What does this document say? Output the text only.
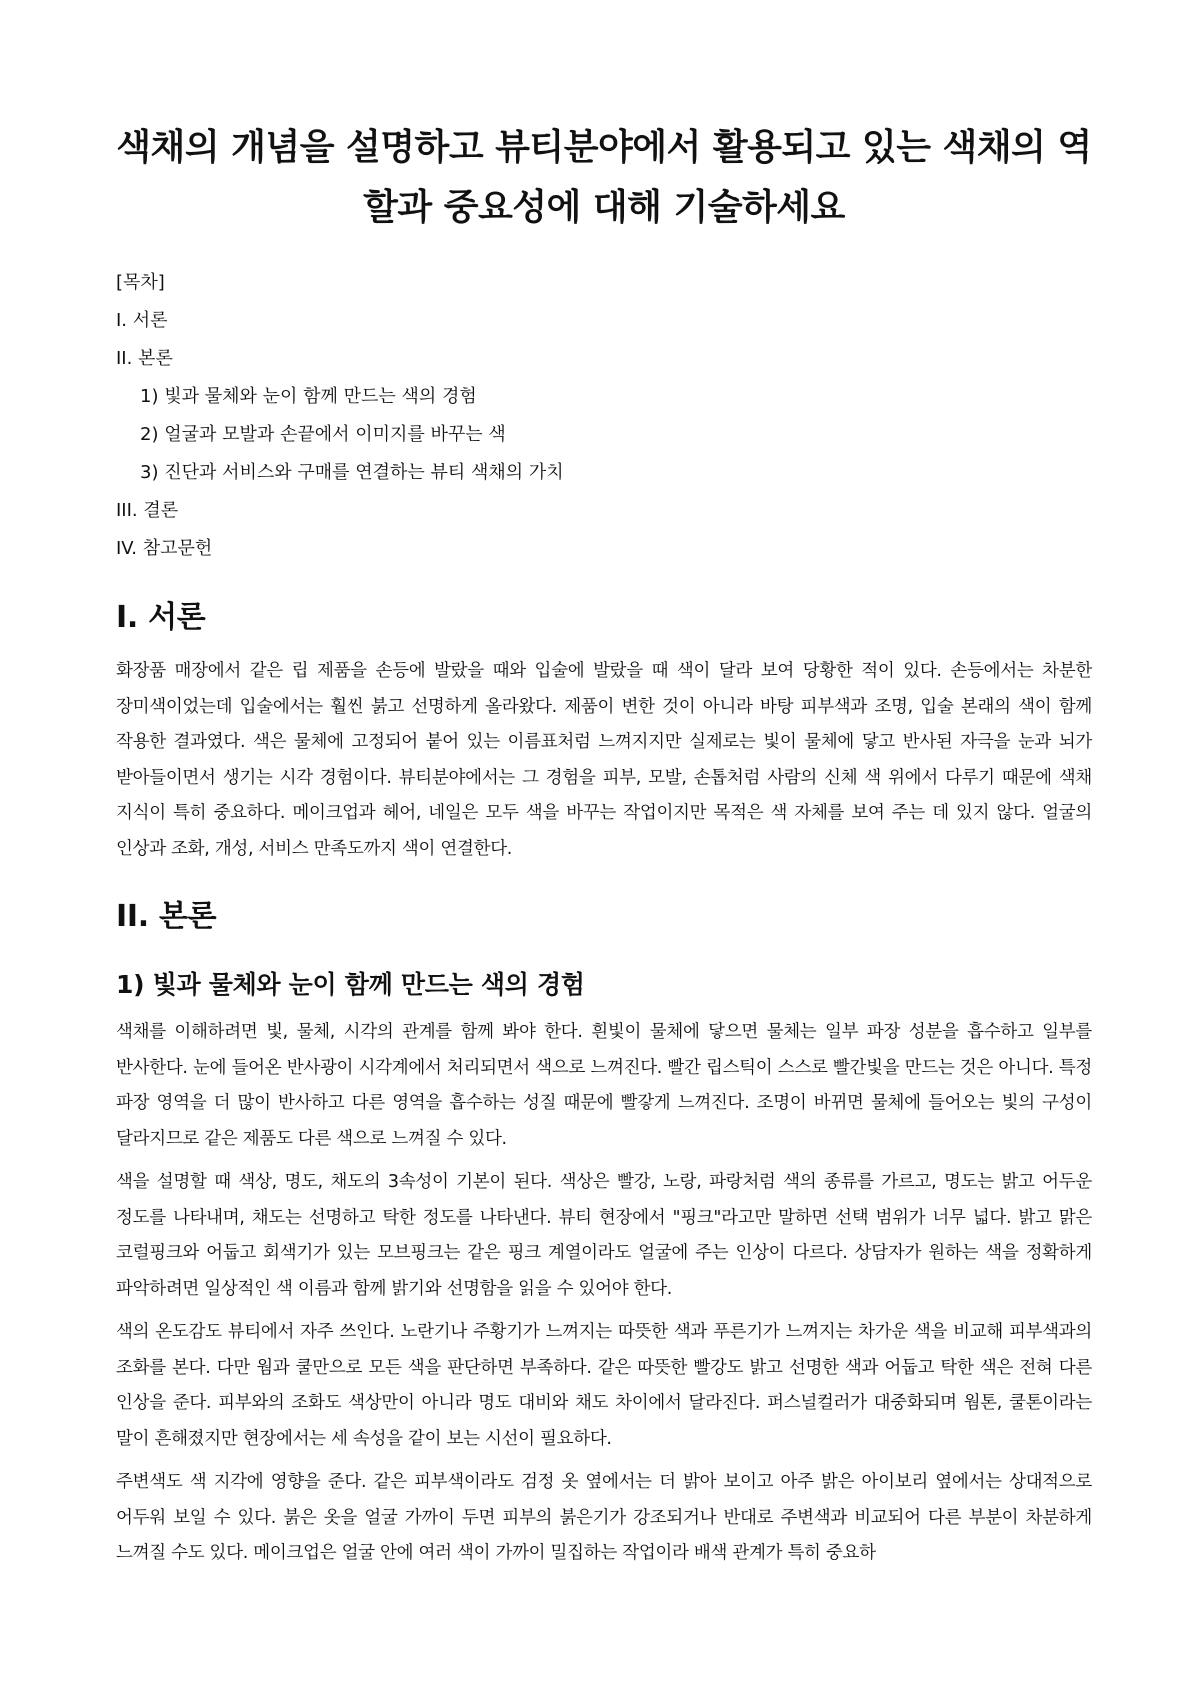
색채의 개념을 설명하고 뷰티분야에서 활용되고 있는 색채의 역할과 중요성에 대해 기술하세요
[목차]
I. 서론
II. 본론
1) 빛과 물체와 눈이 함께 만드는 색의 경험
2) 얼굴과 모발과 손끝에서 이미지를 바꾸는 색
3) 진단과 서비스와 구매를 연결하는 뷰티 색채의 가치
III. 결론
IV. 참고문헌
I. 서론

화장품 매장에서 같은 립 제품을 손등에 발랐을 때와 입술에 발랐을 때 색이 달라 보여 당황한 적이 있다. 손등에서는 차분한 장미색이었는데 입술에서는 훨씬 붉고 선명하게 올라왔다. 제품이 변한 것이 아니라 바탕 피부색과 조명, 입술 본래의 색이 함께 작용한 결과였다. 색은 물체에 고정되어 붙어 있는 이름표처럼 느껴지지만 실제로는 빛이 물체에 닿고 반사된 자극을 눈과 뇌가 받아들이면서 생기는 시각 경험이다. 뷰티분야에서는 그 경험을 피부, 모발, 손톱처럼 사람의 신체 색 위에서 다루기 때문에 색채 지식이 특히 중요하다. 메이크업과 헤어, 네일은 모두 색을 바꾸는 작업이지만 목적은 색 자체를 보여 주는 데 있지 않다. 얼굴의 인상과 조화, 개성, 서비스 만족도까지 색이 연결한다.

II. 본론
1) 빛과 물체와 눈이 함께 만드는 색의 경험

색채를 이해하려면 빛, 물체, 시각의 관계를 함께 봐야 한다. 흰빛이 물체에 닿으면 물체는 일부 파장 성분을 흡수하고 일부를 반사한다. 눈에 들어온 반사광이 시각계에서 처리되면서 색으로 느껴진다. 빨간 립스틱이 스스로 빨간빛을 만드는 것은 아니다. 특정 파장 영역을 더 많이 반사하고 다른 영역을 흡수하는 성질 때문에 빨갛게 느껴진다. 조명이 바뀌면 물체에 들어오는 빛의 구성이 달라지므로 같은 제품도 다른 색으로 느껴질 수 있다.

색을 설명할 때 색상, 명도, 채도의 3속성이 기본이 된다. 색상은 빨강, 노랑, 파랑처럼 색의 종류를 가르고, 명도는 밝고 어두운 정도를 나타내며, 채도는 선명하고 탁한 정도를 나타낸다. 뷰티 현장에서 "핑크"라고만 말하면 선택 범위가 너무 넓다. 밝고 맑은 코럴핑크와 어둡고 회색기가 있는 모브핑크는 같은 핑크 계열이라도 얼굴에 주는 인상이 다르다. 상담자가 원하는 색을 정확하게 파악하려면 일상적인 색 이름과 함께 밝기와 선명함을 읽을 수 있어야 한다.

색의 온도감도 뷰티에서 자주 쓰인다. 노란기나 주황기가 느껴지는 따뜻한 색과 푸른기가 느껴지는 차가운 색을 비교해 피부색과의 조화를 본다. 다만 웜과 쿨만으로 모든 색을 판단하면 부족하다. 같은 따뜻한 빨강도 밝고 선명한 색과 어둡고 탁한 색은 전혀 다른 인상을 준다. 피부와의 조화도 색상만이 아니라 명도 대비와 채도 차이에서 달라진다. 퍼스널컬러가 대중화되며 웜톤, 쿨톤이라는 말이 흔해졌지만 현장에서는 세 속성을 같이 보는 시선이 필요하다.

주변색도 색 지각에 영향을 준다. 같은 피부색이라도 검정 옷 옆에서는 더 밝아 보이고 아주 밝은 아이보리 옆에서는 상대적으로 어두워 보일 수 있다. 붉은 옷을 얼굴 가까이 두면 피부의 붉은기가 강조되거나 반대로 주변색과 비교되어 다른 부분이 차분하게 느껴질 수도 있다. 메이크업은 얼굴 안에 여러 색이 가까이 밀집하는 작업이라 배색 관계가 특히 중요하
